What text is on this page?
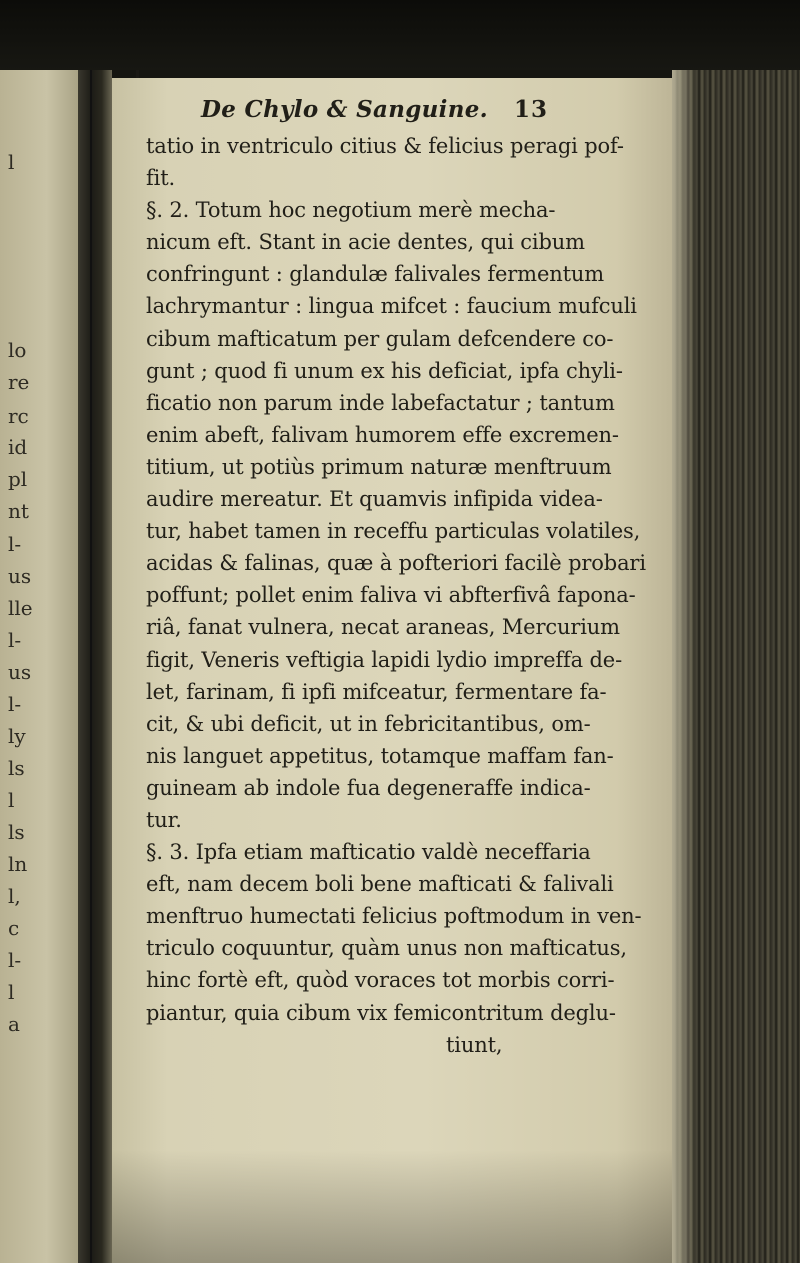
l
lo
re
rc
id
pl
nt
l-
us
lle
l-
us
l-
ly
ls
l
ls
ln
l,
c
l-
l
a
De Chylo & Sanguine. 13
tatio in ventriculo citius & felicius peragi pof-
fit.
§. 2. Totum hoc negotium merè mecha-
nicum eft. Stant in acie dentes, qui cibum
confringunt : glandulæ falivales fermentum
lachrymantur : lingua mifcet : faucium mufculi
cibum mafticatum per gulam defcendere co-
gunt ; quod fi unum ex his deficiat, ipfa chyli-
ficatio non parum inde labefactatur ; tantum
enim abeft, falivam humorem effe excremen-
titium, ut potiùs primum naturæ menftruum
audire mereatur. Et quamvis infipida videa-
tur, habet tamen in receffu particulas volatiles,
acidas & falinas, quæ à pofteriori facilè probari
poffunt; pollet enim faliva vi abfterfivâ fapona-
riâ, fanat vulnera, necat araneas, Mercurium
figit, Veneris veftigia lapidi lydio impreffa de-
let, farinam, fi ipfi mifceatur, fermentare fa-
cit, & ubi deficit, ut in febricitantibus, om-
nis languet appetitus, totamque maffam fan-
guineam ab indole fua degeneraffe indica-
tur.
§. 3. Ipfa etiam mafticatio valdè neceffaria
eft, nam decem boli bene mafticati & falivali
menftruo humectati felicius poftmodum in ven-
triculo coquuntur, quàm unus non mafticatus,
hinc fortè eft, quòd voraces tot morbis corri-
piantur, quia cibum vix femicontritum deglu-
tiunt,
